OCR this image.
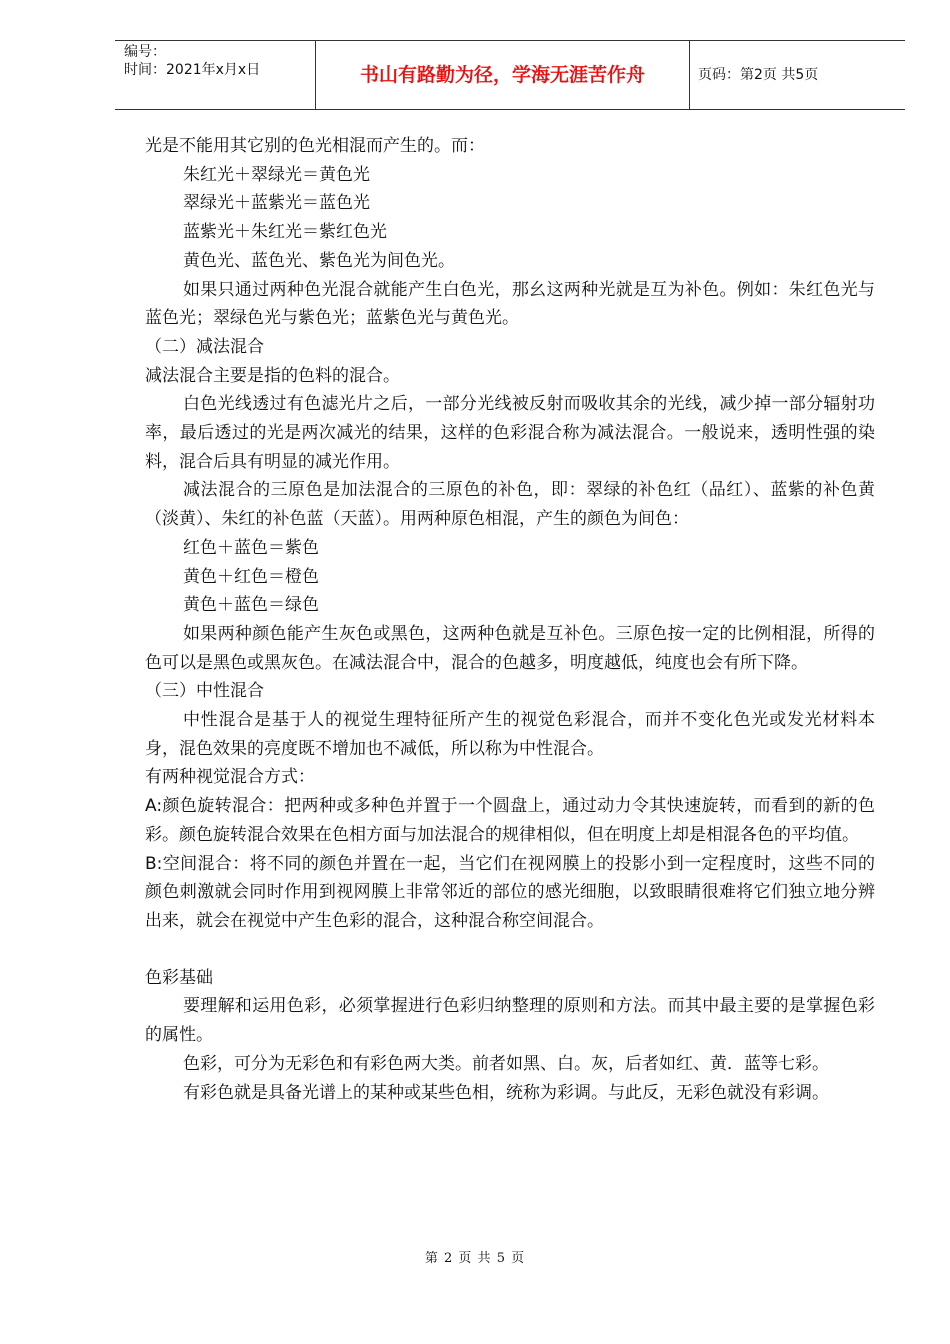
编号：
时间：2021年x月x日	书山有路勤为径，学海无涯苦作舟	页码：第2页 共5页

光是不能用其它别的色光相混而产生的。而：

朱红光＋翠绿光＝黄色光

翠绿光＋蓝紫光＝蓝色光

蓝紫光＋朱红光＝紫红色光

黄色光、蓝色光、紫色光为间色光。

如果只通过两种色光混合就能产生白色光，那幺这两种光就是互为补色。例如：朱红色光与蓝色光；翠绿色光与紫色光；蓝紫色光与黄色光。

（二）减法混合

减法混合主要是指的色料的混合。

白色光线透过有色滤光片之后，一部分光线被反射而吸收其余的光线，减少掉一部分辐射功率，最后透过的光是两次减光的结果，这样的色彩混合称为减法混合。一般说来，透明性强的染料，混合后具有明显的减光作用。

减法混合的三原色是加法混合的三原色的补色，即：翠绿的补色红（品红）、蓝紫的补色黄（淡黄）、朱红的补色蓝（天蓝）。用两种原色相混，产生的颜色为间色：

红色＋蓝色＝紫色

黄色＋红色＝橙色

黄色＋蓝色＝绿色

如果两种颜色能产生灰色或黑色，这两种色就是互补色。三原色按一定的比例相混，所得的色可以是黑色或黑灰色。在减法混合中，混合的色越多，明度越低，纯度也会有所下降。

（三）中性混合

中性混合是基于人的视觉生理特征所产生的视觉色彩混合，而并不变化色光或发光材料本身，混色效果的亮度既不增加也不减低，所以称为中性混合。

有两种视觉混合方式：

A:颜色旋转混合：把两种或多种色并置于一个圆盘上，通过动力令其快速旋转，而看到的新的色彩。颜色旋转混合效果在色相方面与加法混合的规律相似，但在明度上却是相混各色的平均值。

B:空间混合：将不同的颜色并置在一起，当它们在视网膜上的投影小到一定程度时，这些不同的颜色刺激就会同时作用到视网膜上非常邻近的部位的感光细胞，以致眼睛很难将它们独立地分辨出来，就会在视觉中产生色彩的混合，这种混合称空间混合。

色彩基础

要理解和运用色彩，必须掌握进行色彩归纳整理的原则和方法。而其中最主要的是掌握色彩的属性。

色彩，可分为无彩色和有彩色两大类。前者如黑、白。灰，后者如红、黄．蓝等七彩。

有彩色就是具备光谱上的某种或某些色相，统称为彩调。与此反，无彩色就没有彩调。

第 2 页 共 5 页
